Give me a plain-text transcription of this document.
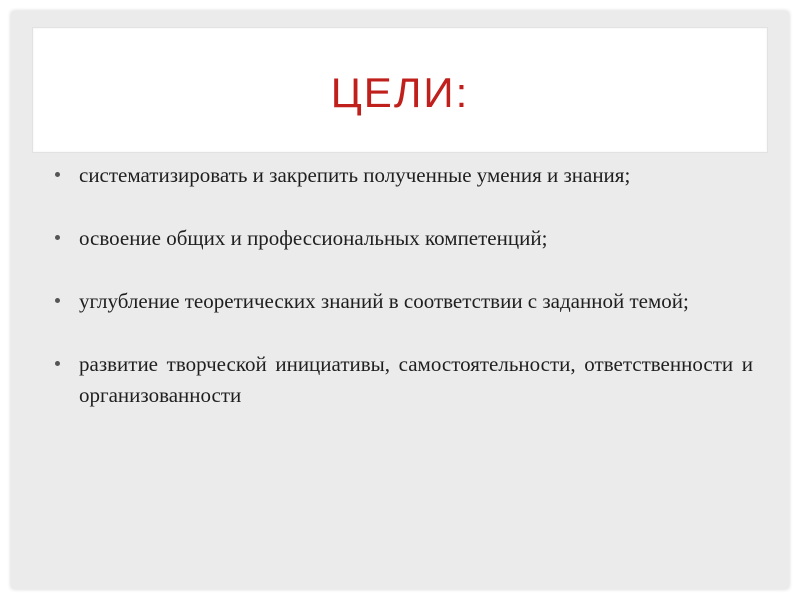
ЦЕЛИ:
систематизировать и закрепить полученные умения и знания;
освоение общих и профессиональных компетенций;
углубление теоретических знаний в соответствии с заданной темой;
развитие творческой инициативы, самостоятельности, ответственности и организованности
